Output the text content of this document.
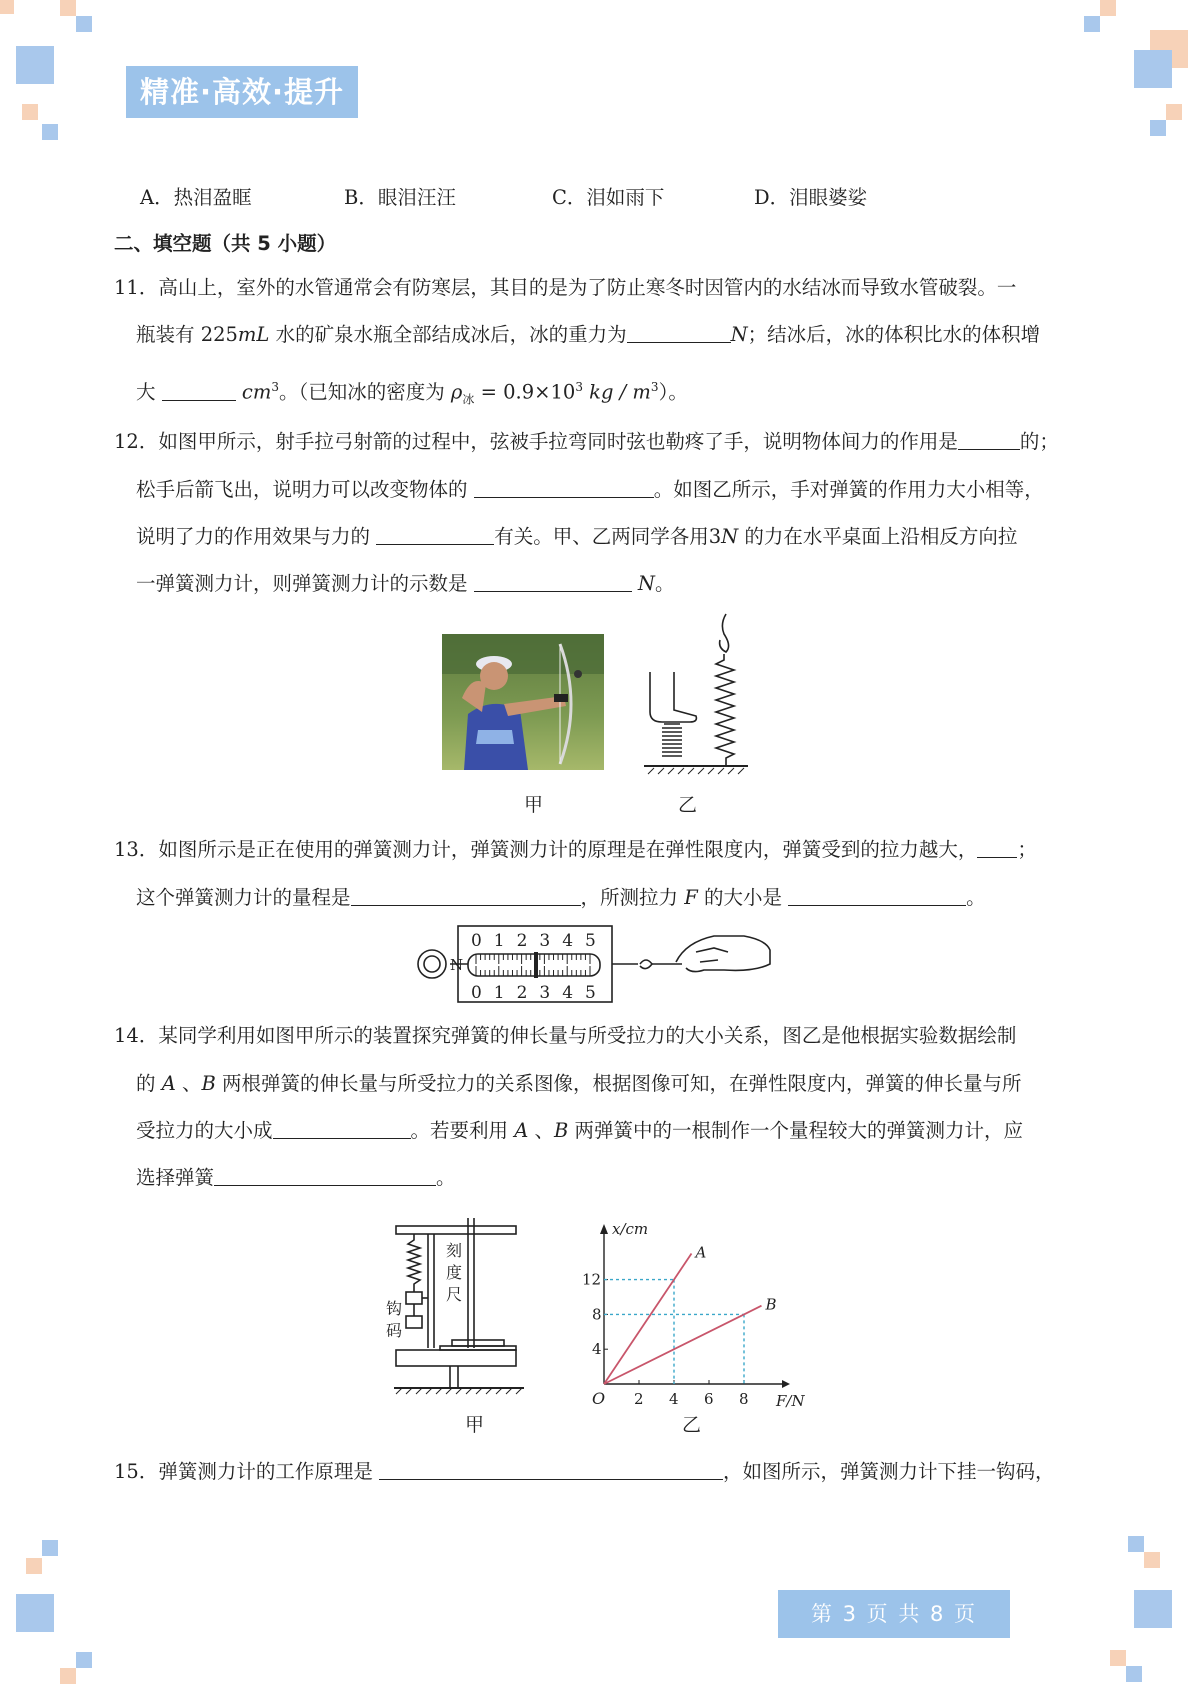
精准·高效·提升
A．热泪盈眶	B．眼泪汪汪	C．泪如雨下	D．泪眼婆娑
二、填空题（共 5 小题）
11．高山上，室外的水管通常会有防寒层，其目的是为了防止寒冬时因管内的水结冰而导致水管破裂。一
瓶装有 225mL 水的矿泉水瓶全部结成冰后，冰的重力为	N；结冰后，冰的体积比水的体积增
大	$cm^3$。（已知冰的密度为 $\rho_冰 = 0.9\times 10^3$ kg / $m^3$）。
12．如图甲所示，射手拉弓射箭的过程中，弦被手拉弯同时弦也勒疼了手，说明物体间力的作用是	的；
松手后箭飞出，说明力可以改变物体的	。如图乙所示，手对弹簧的作用力大小相等，
说明了力的作用效果与力的	有关。甲、乙两同学各用3N 的力在水平桌面上沿相反方向拉
一弹簧测力计，则弹簧测力计的示数是	N。
甲	乙
13．如图所示是正在使用的弹簧测力计，弹簧测力计的原理是在弹性限度内，弹簧受到的拉力越大， ；
这个弹簧测力计的量程是	，所测拉力 F 的大小是	。
N
0 1 2 3 4 5
0 1 2 3 4 5
14．某同学利用如图甲所示的装置探究弹簧的伸长量与所受拉力的大小关系，图乙是他根据实验数据绘制
的 A 、B 两根弹簧的伸长量与所受拉力的关系图像，根据图像可知，在弹性限度内，弹簧的伸长量与所
受拉力的大小成	。若要利用 A 、B 两弹簧中的一根制作一个量程较大的弹簧测力计，应
选择弹簧	。
刻
度
尺
钩
码
x/cm
F/N
O 2 4 6 8
4
8
12
A
B
甲	乙
15．弹簧测力计的工作原理是	，如图所示，弹簧测力计下挂一钩码，
第 3 页 共 8 页
